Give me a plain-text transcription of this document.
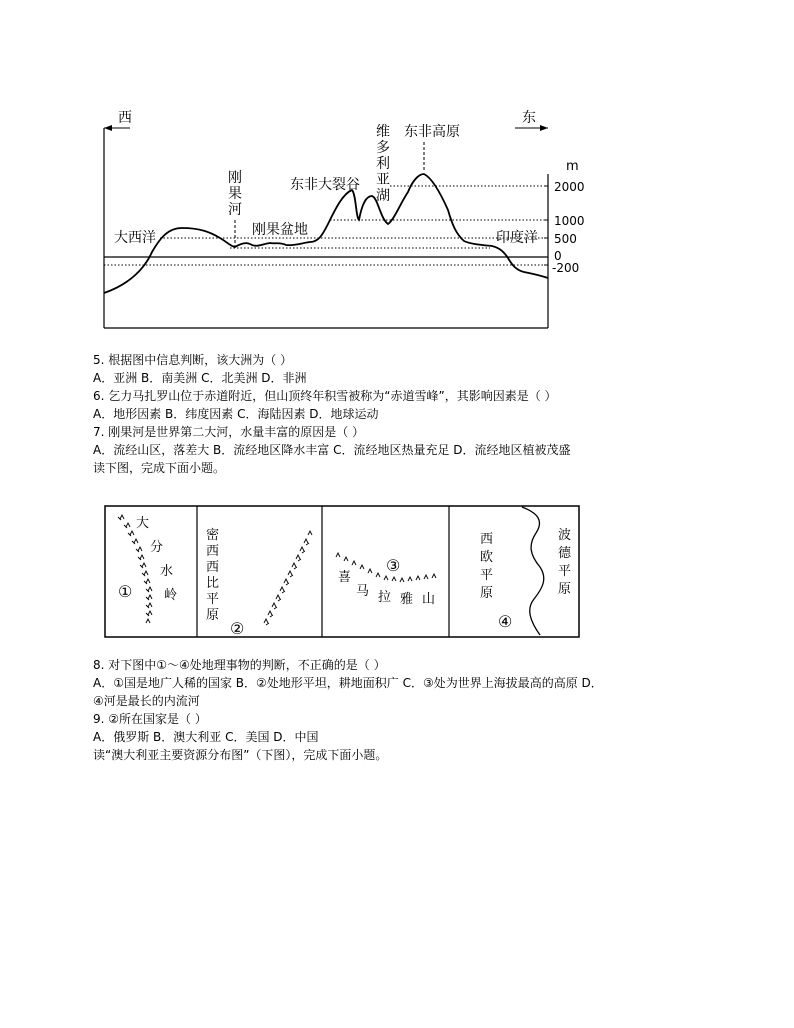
西	东
m
2000
1000
500
0
-200
大西洋
刚
果
河
刚果盆地
东非大裂谷
维
多
利
亚
湖
东非高原
印度洋
5. 根据图中信息判断，该大洲为（ ）
A．亚洲 B．南美洲 C．北美洲 D．非洲
6. 乞力马扎罗山位于赤道附近，但山顶终年积雪被称为“赤道雪峰”，其影响因素是（ ）
A．地形因素 B．纬度因素 C．海陆因素 D．地球运动
7. 刚果河是世界第二大河，水量丰富的原因是（ ）
A．流经山区，落差大 B．流经地区降水丰富 C．流经地区热量充足 D．流经地区植被茂盛
读下图，完成下面小题。
大
分
水
岭
①
密
西
西
比
平
原
②
③
喜
马 拉 雅 山
西
欧
平
原
波
德
平
原
④
8. 对下图中①～④处地理事物的判断，不正确的是（ ）
A．①国是地广人稀的国家 B．②处地形平坦，耕地面积广 C．③处为世界上海拔最高的高原 D．
④河是最长的内流河
9. ②所在国家是（ ）
A．俄罗斯 B．澳大利亚 C．美国 D．中国
读“澳大利亚主要资源分布图”（下图），完成下面小题。
